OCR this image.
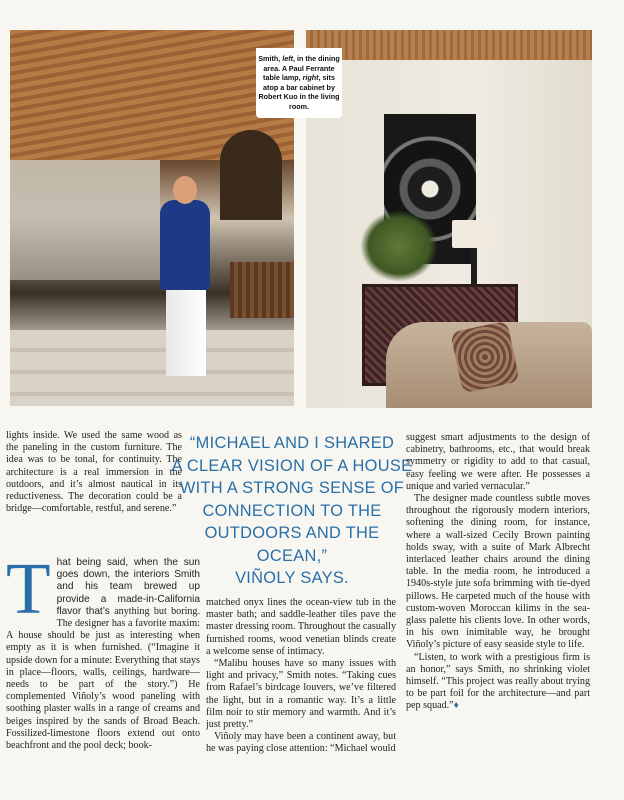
Smith, left, in the dining area. A Paul Ferrante table lamp, right, sits atop a bar cabinet by Robert Kuo in the living room.

lights inside. We used the same wood as the paneling in the custom furniture. The idea was to be tonal, for continuity. The architecture is a real immersion in the outdoors, and it’s almost nautical in its reductiveness. The decoration could be a bridge—comfortable, restful, and serene.”

“MICHAEL AND I SHARED
A CLEAR VISION OF A HOUSE
WITH A STRONG SENSE OF
CONNECTION TO THE
OUTDOORS AND THE OCEAN,”
VIÑOLY SAYS.

That being said, when the sun goes down, the interiors Smith and his team brewed up provide a made-in-California flavor that’s anything but boring. The designer has a favorite maxim: A house should be just as interesting when empty as it is when furnished. (“Imagine it upside down for a minute: Everything that stays in place—floors, walls, ceilings, hardware—needs to be part of the story.”) He complemented Viñoly’s wood paneling with soothing plaster walls in a range of creams and beiges inspired by the sands of Broad Beach. Fossilized-limestone floors extend out onto beachfront and the pool deck; book-

matched onyx lines the ocean-view tub in the master bath; and saddle-leather tiles pave the master dressing room. Throughout the casually furnished rooms, wood venetian blinds create a welcome sense of intimacy.

“Malibu houses have so many issues with light and privacy,” Smith notes. “Taking cues from Rafael’s birdcage louvers, we’ve filtered the light, but in a romantic way. It’s a little film noir to stir memory and warmth. And it’s just pretty.”

Viñoly may have been a continent away, but he was paying close attention: “Michael would

suggest smart adjustments to the design of cabinetry, bathrooms, etc., that would break symmetry or rigidity to add to that casual, easy feeling we were after. He possesses a unique and varied vernacular.”

The designer made countless subtle moves throughout the rigorously modern interiors, softening the dining room, for instance, where a wall-sized Cecily Brown painting holds sway, with a suite of Mark Albrecht interlaced leather chairs around the dining table. In the media room, he introduced a 1940s-style jute sofa brimming with tie-dyed pillows. He carpeted much of the house with custom-woven Moroccan kilims in the sea-glass palette his clients love. In other words, in his own inimitable way, he brought Viñoly’s picture of easy seaside style to life.

“Listen, to work with a prestigious firm is an honor,” says Smith, no shrinking violet himself. “This project was really about trying to be part foil for the architecture—and part pep squad.”♦
